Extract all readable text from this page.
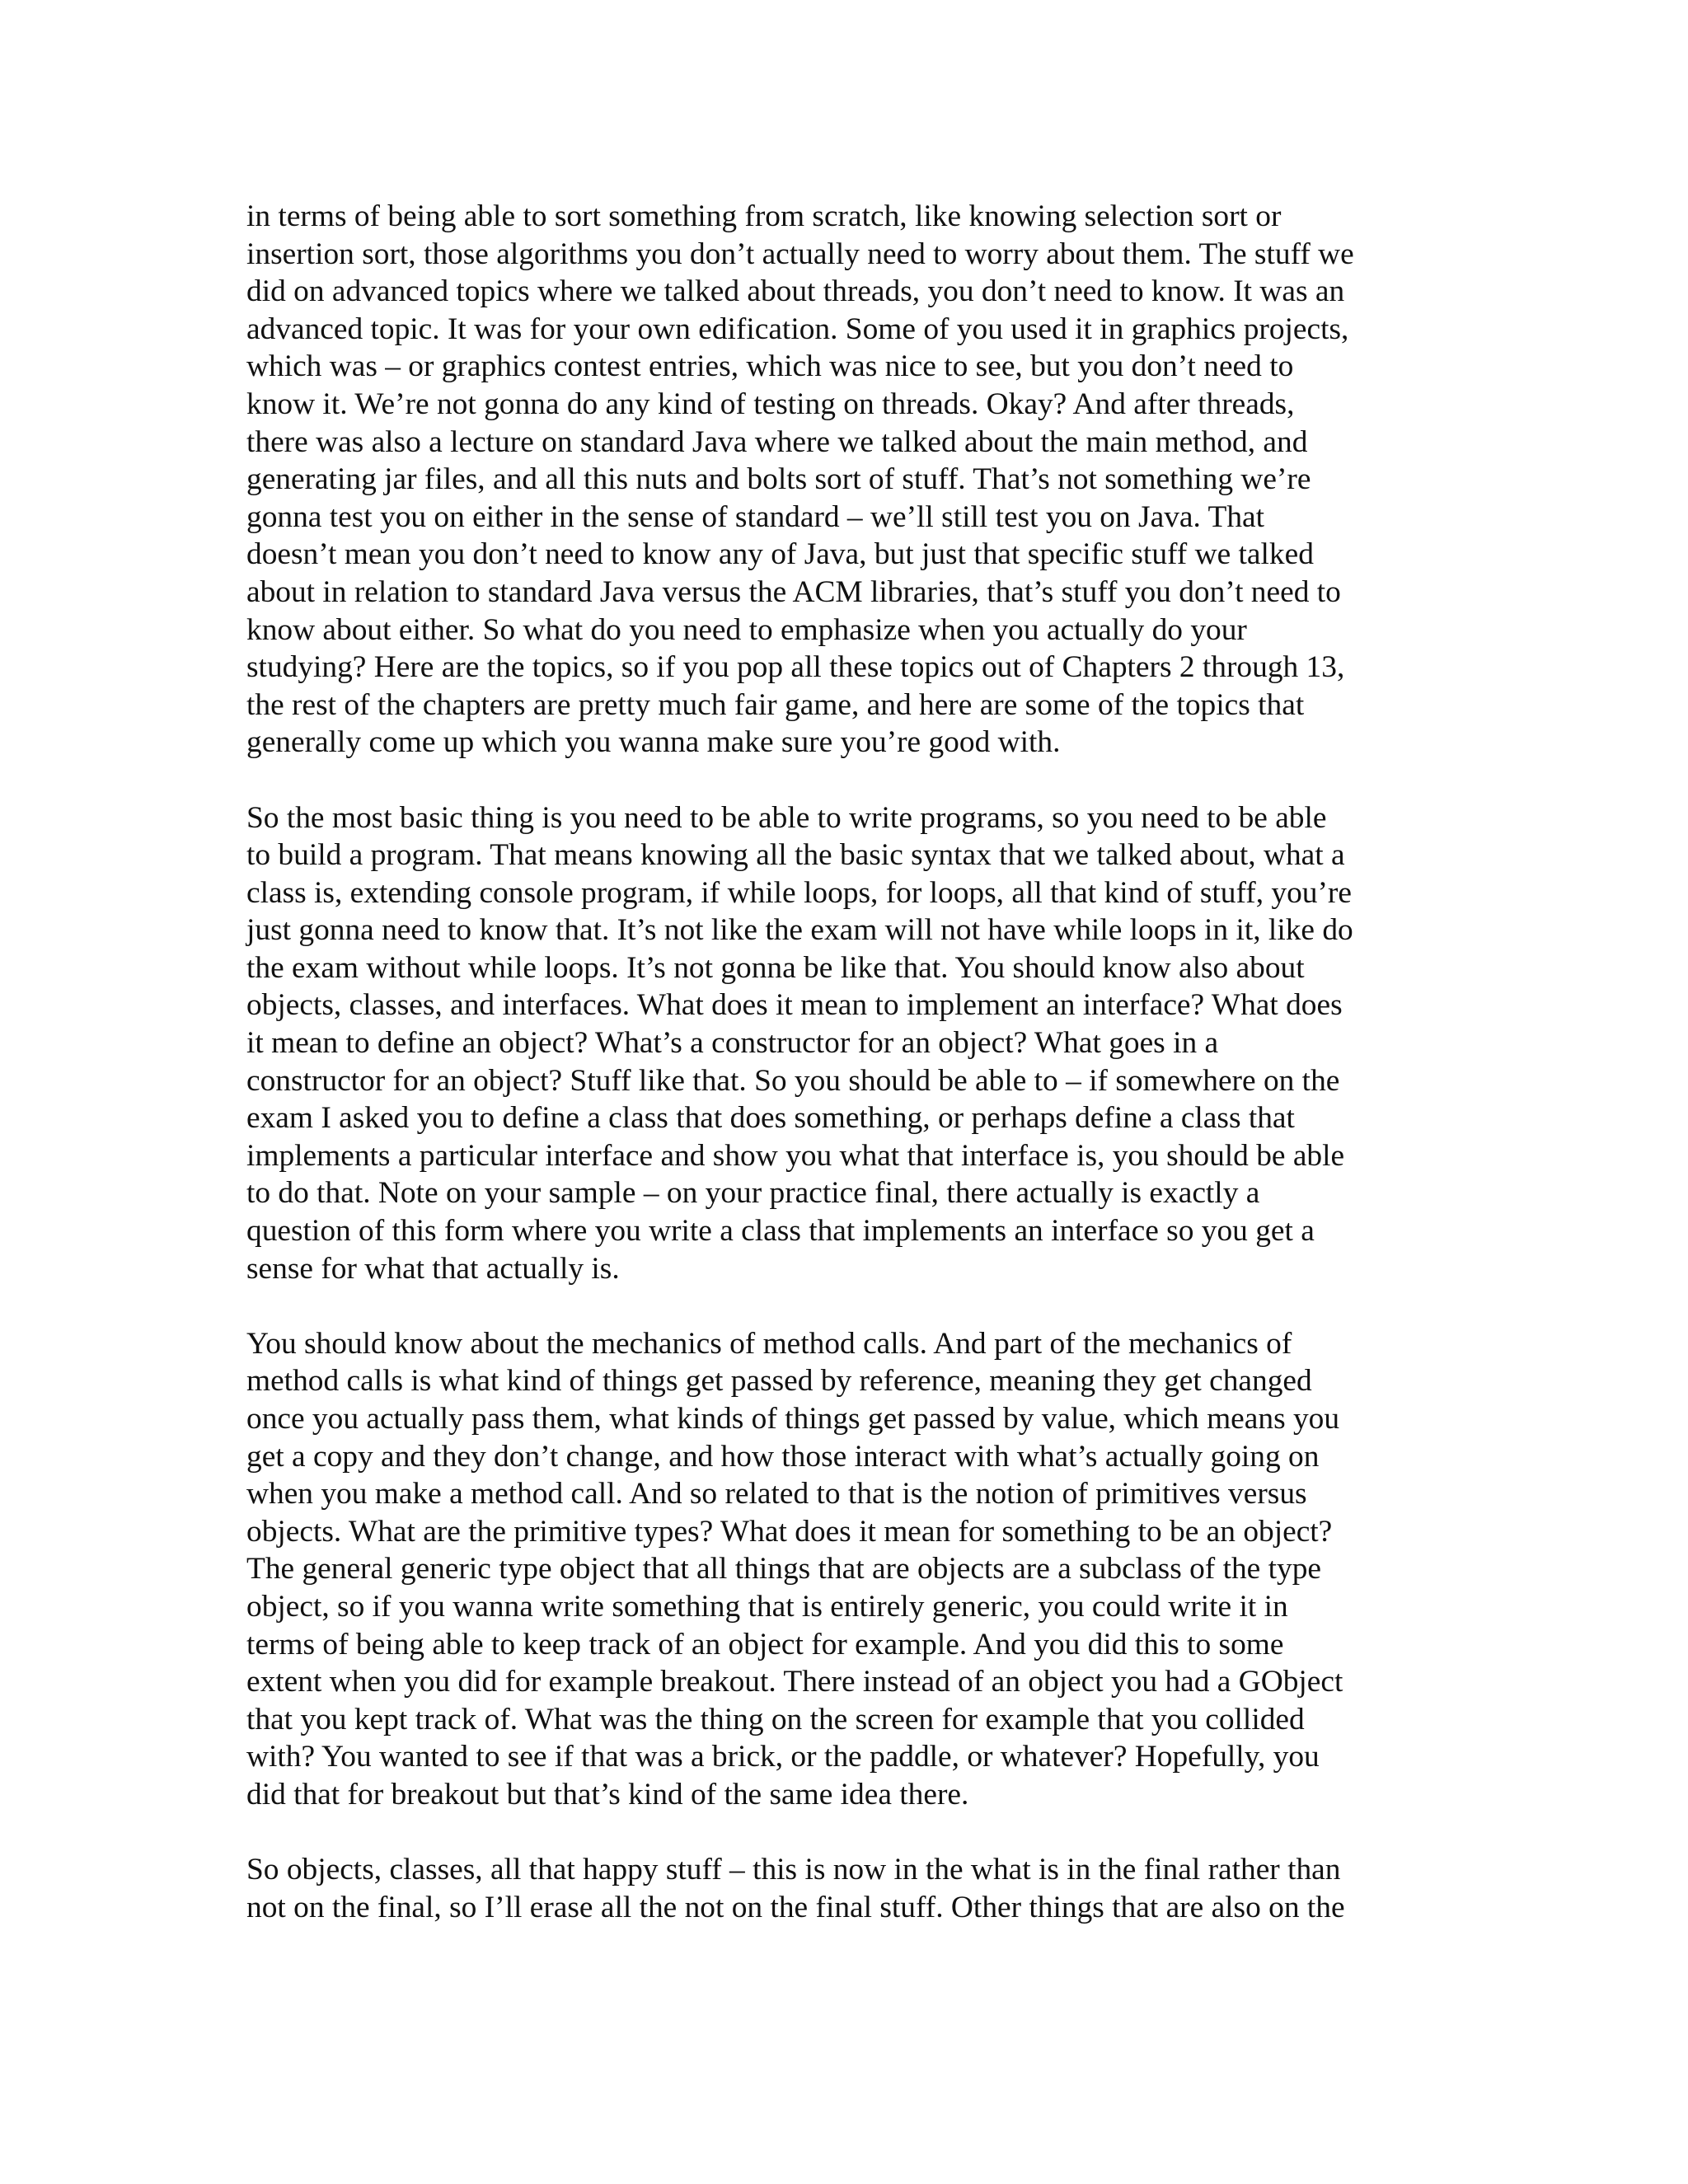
in terms of being able to sort something from scratch, like knowing selection sort or
insertion sort, those algorithms you don’t actually need to worry about them. The stuff we
did on advanced topics where we talked about threads, you don’t need to know. It was an
advanced topic. It was for your own edification. Some of you used it in graphics projects,
which was – or graphics contest entries, which was nice to see, but you don’t need to
know it. We’re not gonna do any kind of testing on threads. Okay? And after threads,
there was also a lecture on standard Java where we talked about the main method, and
generating jar files, and all this nuts and bolts sort of stuff. That’s not something we’re
gonna test you on either in the sense of standard – we’ll still test you on Java. That
doesn’t mean you don’t need to know any of Java, but just that specific stuff we talked
about in relation to standard Java versus the ACM libraries, that’s stuff you don’t need to
know about either. So what do you need to emphasize when you actually do your
studying? Here are the topics, so if you pop all these topics out of Chapters 2 through 13,
the rest of the chapters are pretty much fair game, and here are some of the topics that
generally come up which you wanna make sure you’re good with.

So the most basic thing is you need to be able to write programs, so you need to be able
to build a program. That means knowing all the basic syntax that we talked about, what a
class is, extending console program, if while loops, for loops, all that kind of stuff, you’re
just gonna need to know that. It’s not like the exam will not have while loops in it, like do
the exam without while loops. It’s not gonna be like that. You should know also about
objects, classes, and interfaces. What does it mean to implement an interface? What does
it mean to define an object? What’s a constructor for an object? What goes in a
constructor for an object? Stuff like that. So you should be able to – if somewhere on the
exam I asked you to define a class that does something, or perhaps define a class that
implements a particular interface and show you what that interface is, you should be able
to do that. Note on your sample – on your practice final, there actually is exactly a
question of this form where you write a class that implements an interface so you get a
sense for what that actually is.

You should know about the mechanics of method calls. And part of the mechanics of
method calls is what kind of things get passed by reference, meaning they get changed
once you actually pass them, what kinds of things get passed by value, which means you
get a copy and they don’t change, and how those interact with what’s actually going on
when you make a method call. And so related to that is the notion of primitives versus
objects. What are the primitive types? What does it mean for something to be an object?
The general generic type object that all things that are objects are a subclass of the type
object, so if you wanna write something that is entirely generic, you could write it in
terms of being able to keep track of an object for example. And you did this to some
extent when you did for example breakout. There instead of an object you had a GObject
that you kept track of. What was the thing on the screen for example that you collided
with? You wanted to see if that was a brick, or the paddle, or whatever? Hopefully, you
did that for breakout but that’s kind of the same idea there.

So objects, classes, all that happy stuff – this is now in the what is in the final rather than
not on the final, so I’ll erase all the not on the final stuff. Other things that are also on the
